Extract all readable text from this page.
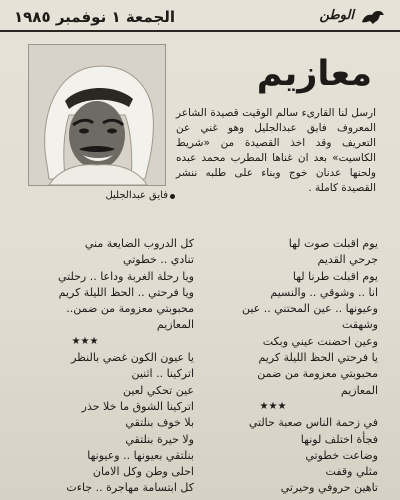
الجمعة ١ نوفمبر ١٩٨٥	الوطن
فايق عبدالجليل
معازيم
ارسل لنا القارىء سالم الوقيت قصيدة الشاعر المعروف فايق عبدالجليل وهو غني عن التعريف وقد اخذ القصيدة من «شريط الكاسيت» بعد ان غناها المطرب محمد عبده ولحنها عدنان خوج وبناء على طلبه ننشر القصيدة كاملة .
يوم اقبلت صوت لها
جرحي القديم
يوم اقبلت طرنا لها
انا .. وشوقي .. والنسيم
وعيونها .. عين المحتني .. عين
وشهقت
وعين احضنت عيني وبكت
يا فرحتي الحظ الليلة كريم
محبوبتي معزومة من ضمن
المعازيم
★★★
في زحمة الناس صعبة حالتي
فجأة اختلف لونها
وضاعت خطوتي
مثلي وقفت
تاهين حروفي وحيرتي
كل الدروب الضايعة مني
تنادي .. خطوتي
ويا رحلة الغربة وداعا .. رحلتي
ويا فرحتي .. الحظ الليلة كريم
محبوبتي معزومة من ضمن..
المعازيم
★★★
يا عيون الكون غضي بالنظر
اتركينا .. اثنين
عين تحكي لعين
اتركينا الشوق ما خلا حذر
بلا خوف بنلتقي
ولا حيرة بنلتقي
بنلتقي بعيونها .. وعيونها
احلى وطن وكل الامان
كل ابتسامة مهاجرة .. جاءت
